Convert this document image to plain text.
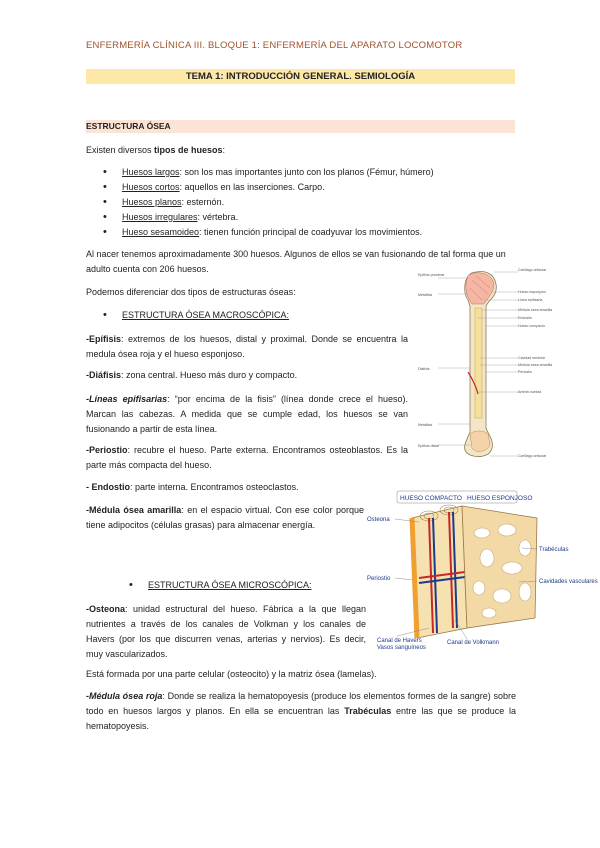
ENFERMERÍA CLÍNICA III. BLOQUE 1: ENFERMERÍA DEL APARATO LOCOMOTOR
TEMA 1: INTRODUCCIÓN GENERAL. SEMIOLOGÍA
ESTRUCTURA ÓSEA

Existen diversos tipos de huesos:

• Huesos largos: son los mas importantes junto con los planos (Fémur, húmero)
• Huesos cortos: aquellos en las inserciones. Carpo.
• Huesos planos: esternón.
• Huesos irregulares: vértebra.
• Hueso sesamoideo: tienen función principal de coadyuvar los movimientos.

Al nacer tenemos aproximadamente 300 huesos. Algunos de ellos se van fusionando de tal forma que un adulto cuenta con 206 huesos.

Podemos diferenciar dos tipos de estructuras óseas:

• ESTRUCTURA ÓSEA MACROSCÓPICA:

-Epífisis: extremos de los huesos, distal y proximal. Donde se encuentra la medula ósea roja y el hueso esponjoso.

-Diáfisis: zona central. Hueso más duro y compacto.

-Líneas epifisarias: “por encima de la fisis” (línea donde crece el hueso). Marcan las cabezas. A medida que se cumple edad, los huesos se van fusionando a partir de esta línea.

-Periostio: recubre el hueso. Parte externa. Encontramos osteoblastos. Es la parte más compacta del hueso.

- Endostio: parte interna. Encontramos osteoclastos.

-Médula ósea amarilla: en el espacio virtual. Con ese color porque tiene adipocitos (células grasas) para almacenar energía.

• ESTRUCTURA ÓSEA MICROSCÓPICA:

-Osteona: unidad estructural del hueso. Fábrica a la que llegan nutrientes a través de los canales de Volkman y los canales de Havers (por los que discurren venas, arterias y nervios). Es decir, muy vascularizados.

Está formada por una parte celular (osteocito) y la matriz ósea (lamelas).

-Médula ósea roja: Donde se realiza la hematopoyesis (produce los elementos formes de la sangre) sobre todo en huesos largos y planos. En ella se encuentran las Trabéculas entre las que se produce la hematopoyesis.

Epífisis proximal
Metáfisis
Diáfisis
Metáfisis
Epífisis distal
Cartílago articular
Hueso esponjoso
Línea epifisaria
Médula ósea amarilla
Endostio
Hueso compacto
Cavidad medular
Médula ósea amarilla
Periostio
Arteria nutricia
Cartílago articular
HUESO COMPACTO HUESO ESPONJOSO
Osteona
Periostio
Trabéculas
Cavidades vasculares
Canal de Havers
Vasos sanguíneos
Canal de Volkmann
